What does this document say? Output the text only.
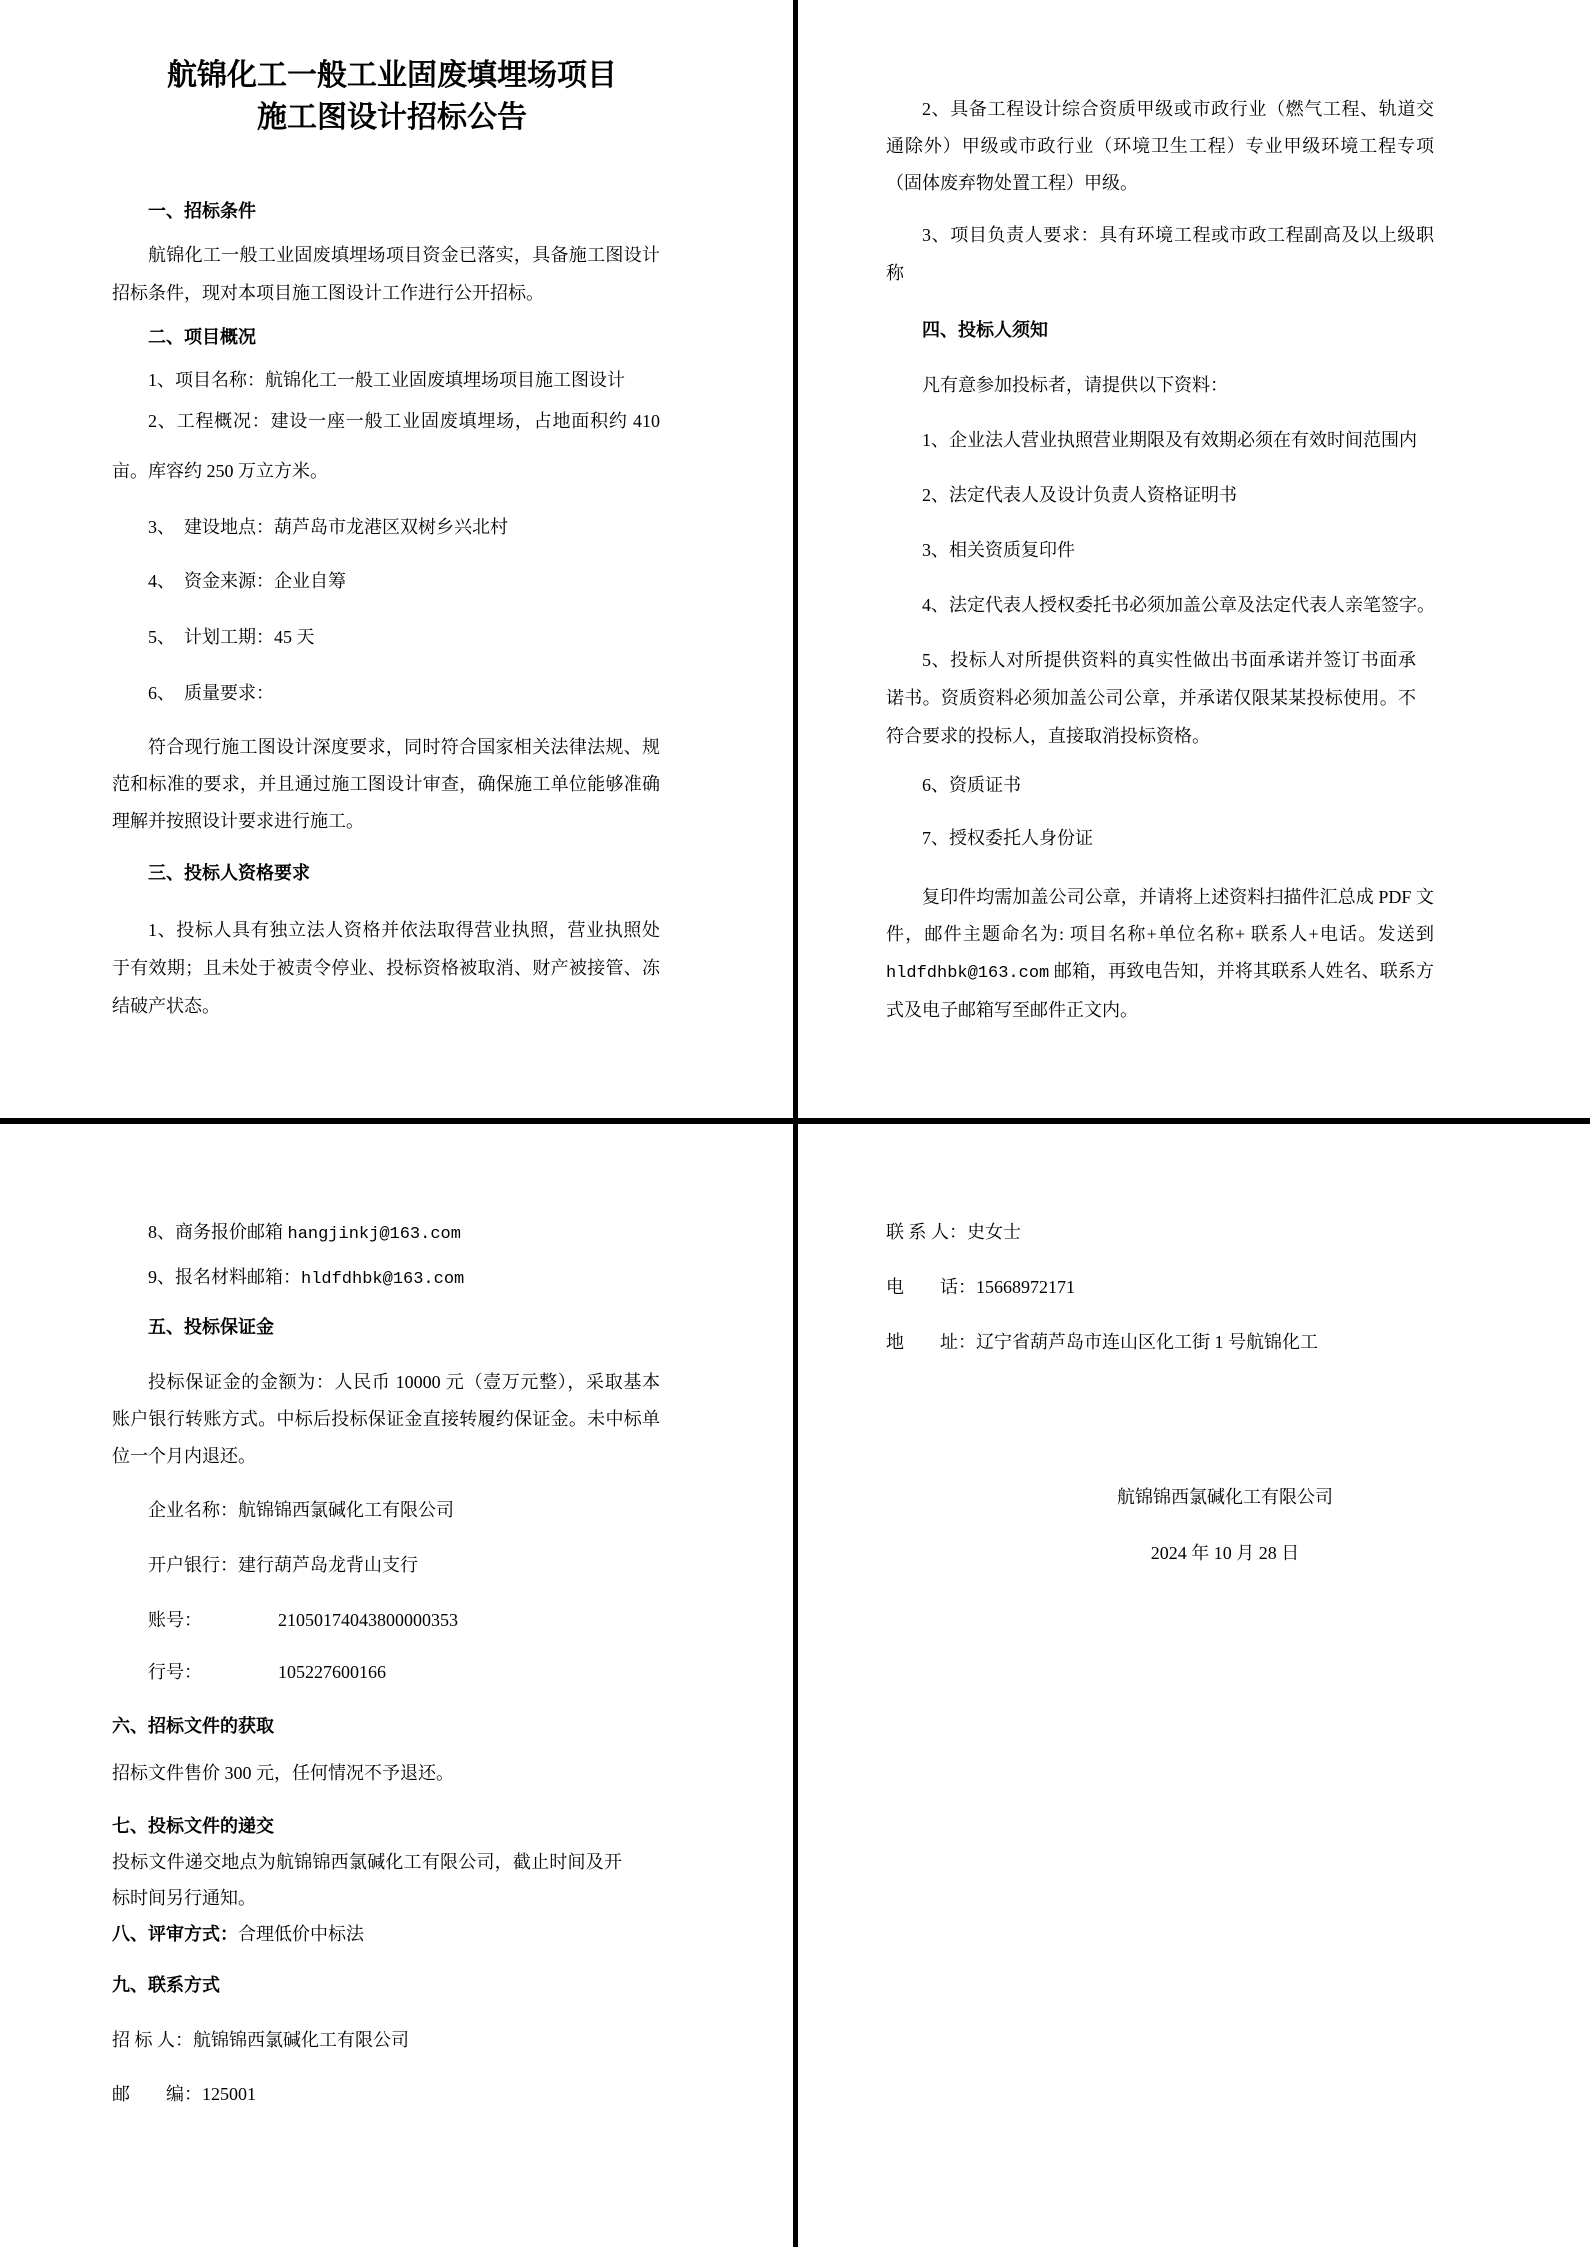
航锦化工一般工业固废填埋场项目

施工图设计招标公告

一、招标条件

航锦化工一般工业固废填埋场项目资金已落实，具备施工图设计招标条件，现对本项目施工图设计工作进行公开招标。

二、项目概况

1、项目名称：航锦化工一般工业固废填埋场项目施工图设计

2、工程概况：建设一座一般工业固废填埋场，占地面积约 410 亩。库容约 250 万立方米。

3、　建设地点：葫芦岛市龙港区双树乡兴北村

4、　资金来源：企业自筹

5、　计划工期：45 天

6、　质量要求：

符合现行施工图设计深度要求，同时符合国家相关法律法规、规范和标准的要求，并且通过施工图设计审查，确保施工单位能够准确理解并按照设计要求进行施工。

三、投标人资格要求

1、投标人具有独立法人资格并依法取得营业执照，营业执照处于有效期；且未处于被责令停业、投标资格被取消、财产被接管、冻结破产状态。

2、具备工程设计综合资质甲级或市政行业（燃气工程、轨道交通除外）甲级或市政行业（环境卫生工程）专业甲级环境工程专项（固体废弃物处置工程）甲级。

3、项目负责人要求：具有环境工程或市政工程副高及以上级职称

四、投标人须知

凡有意参加投标者，请提供以下资料：

1、企业法人营业执照营业期限及有效期必须在有效时间范围内

2、法定代表人及设计负责人资格证明书

3、相关资质复印件

4、法定代表人授权委托书必须加盖公章及法定代表人亲笔签字。

5、投标人对所提供资料的真实性做出书面承诺并签订书面承诺书。资质资料必须加盖公司公章，并承诺仅限某某投标使用。不符合要求的投标人，直接取消投标资格。

6、资质证书

7、授权委托人身份证

复印件均需加盖公司公章，并请将上述资料扫描件汇总成 PDF 文件，邮件主题命名为: 项目名称+单位名称+ 联系人+电话。发送到 hldfdhbk@163.com 邮箱，再致电告知，并将其联系人姓名、联系方式及电子邮箱写至邮件正文内。

8、商务报价邮箱 hangjinkj@163.com

9、报名材料邮箱：hldfdhbk@163.com

五、投标保证金

投标保证金的金额为：人民币 10000 元（壹万元整），采取基本账户银行转账方式。中标后投标保证金直接转履约保证金。未中标单位一个月内退还。

企业名称：航锦锦西氯碱化工有限公司

开户银行：建行葫芦岛龙背山支行

账号：	21050174043800000353

行号：	105227600166

六、招标文件的获取

招标文件售价 300 元，任何情况不予退还。

七、投标文件的递交

投标文件递交地点为航锦锦西氯碱化工有限公司，截止时间及开标时间另行通知。

八、评审方式：合理低价中标法

九、联系方式

招 标 人：航锦锦西氯碱化工有限公司

邮　　编：125001

联 系 人：史女士

电　　话：15668972171

地　　址：辽宁省葫芦岛市连山区化工街 1 号航锦化工

航锦锦西氯碱化工有限公司

2024 年 10 月 28 日
